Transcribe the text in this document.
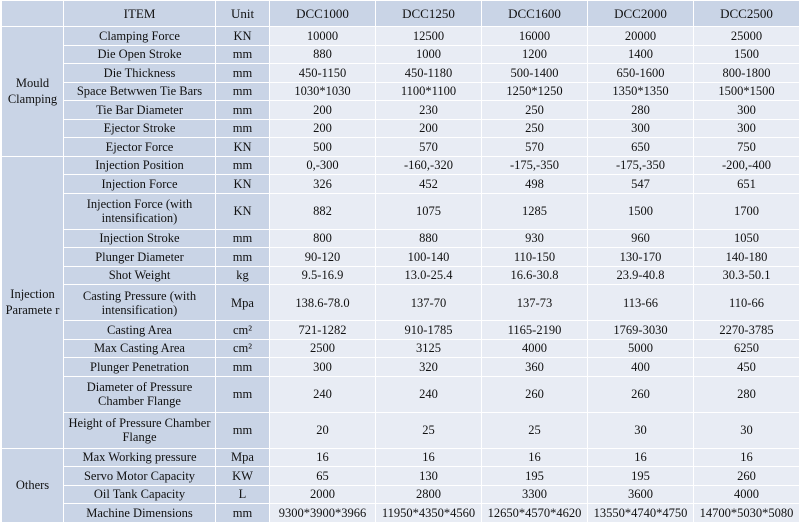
	ITEM	Unit	DCC1000	DCC1250	DCC1600	DCC2000	DCC2500
Mould Clamping	Clamping Force	KN	10000	12500	16000	20000	25000
	Die Open Stroke	mm	880	1000	1200	1400	1500
	Die Thickness	mm	450-1150	450-1180	500-1400	650-1600	800-1800
	Space Betwwen Tie Bars	mm	1030*1030	1100*1100	1250*1250	1350*1350	1500*1500
	Tie Bar Diameter	mm	200	230	250	280	300
	Ejector Stroke	mm	200	200	250	300	300
	Ejector Force	KN	500	570	570	650	750
Injection Paramete r	Injection Position	mm	0,-300	-160,-320	-175,-350	-175,-350	-200,-400
	Injection Force	KN	326	452	498	547	651
	Injection Force (with intensification)	KN	882	1075	1285	1500	1700
	Injection Stroke	mm	800	880	930	960	1050
	Plunger Diameter	mm	90-120	100-140	110-150	130-170	140-180
	Shot Weight	kg	9.5-16.9	13.0-25.4	16.6-30.8	23.9-40.8	30.3-50.1
	Casting Pressure (with intensification)	Mpa	138.6-78.0	137-70	137-73	113-66	110-66
	Casting Area	cm²	721-1282	910-1785	1165-2190	1769-3030	2270-3785
	Max Casting Area	cm²	2500	3125	4000	5000	6250
	Plunger Penetration	mm	300	320	360	400	450
	Diameter of Pressure Chamber Flange	mm	240	240	260	260	280
	Height of Pressure Chamber Flange	mm	20	25	25	30	30
Others	Max Working pressure	Mpa	16	16	16	16	16
	Servo Motor Capacity	KW	65	130	195	195	260
	Oil Tank Capacity	L	2000	2800	3300	3600	4000
	Machine Dimensions	mm	9300*3900*3966	11950*4350*4560	12650*4570*4620	13550*4740*4750	14700*5030*5080
